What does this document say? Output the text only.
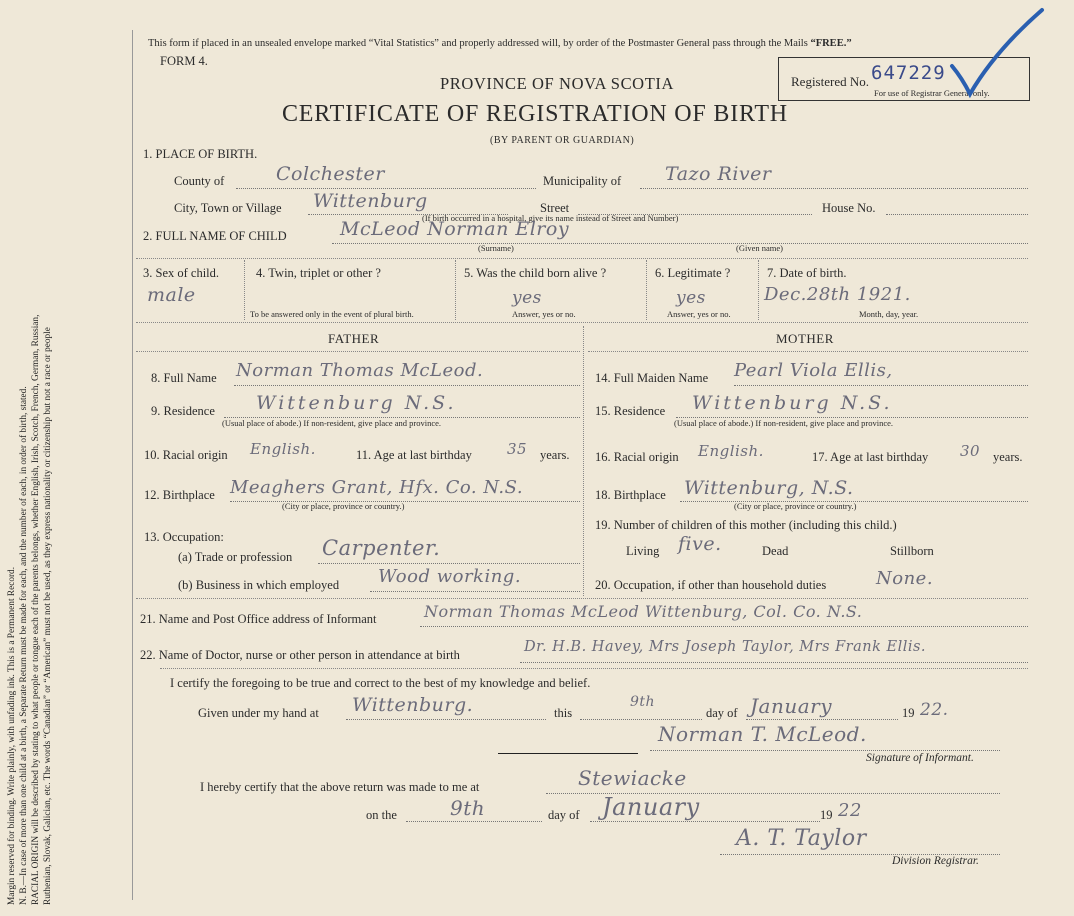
Margin reserved for binding. Write plainly, with unfading ink. This is a Permanent Record. N. B.—In case of more than one child at a birth, a Separate Return must be made for each, and the number of each, in order of birth, stated. RACIAL ORIGIN will be described by stating to what people or tongue each of the parents belongs, whether English, Irish, Scotch, French, German, Russian, Ruthenian, Slovak, Galician, etc. The words “Canadian” or “American” must not be used, as they express nationality or citizenship but not a race or people
This form if placed in an unsealed envelope marked “Vital Statistics” and properly addressed will, by order of the Postmaster General pass through the Mails “FREE.”
FORM 4.
Registered No. 647229
For use of Registrar General only.
PROVINCE OF NOVA SCOTIA
CERTIFICATE OF REGISTRATION OF BIRTH
(BY PARENT OR GUARDIAN)
1. PLACE OF BIRTH.
County of	Colchester	Municipality of Tazo River
City, Town or Village Wittenburg	Street	House No.
(If birth occurred in a hospital, give its name instead of Street and Number)
2. FULL NAME OF CHILD	McLeod Norman Elroy
(Surname)	(Given name)
3. Sex of child.
male
4. Twin, triplet or other ?
To be answered only in the event of plural birth.
5. Was the child born alive ?
yes
Answer, yes or no.
6. Legitimate ?
yes
Answer, yes or no.
7. Date of birth.
Dec.28th 1921.
Month, day, year.
FATHER
8. Full Name Norman Thomas McLeod.
9. Residence Wittenburg N.S.
(Usual place of abode.) If non-resident, give place and province.
10. Racial origin English.	11. Age at last birthday 35 years.
12. Birthplace Meaghers Grant, Hfx. Co. N.S.
(City or place, province or country.)
13. Occupation:
(a) Trade or profession Carpenter.
(b) Business in which employed Wood working.
MOTHER
14. Full Maiden Name Pearl Viola Ellis,
15. Residence Wittenburg N.S.
(Usual place of abode.) If non-resident, give place and province.
16. Racial origin English.	17. Age at last birthday 30 years.
18. Birthplace Wittenburg, N.S.
(City or place, province or country.)
19. Number of children of this mother (including this child.)
Living five.	Dead	Stillborn
20. Occupation, if other than household duties	None.
21. Name and Post Office address of Informant	Norman Thomas McLeod Wittenburg, Col. Co. N.S.
22. Name of Doctor, nurse or other person in attendance at birth	Dr. H.B. Havey, Mrs Joseph Taylor, Mrs Frank Ellis.
I certify the foregoing to be true and correct to the best of my knowledge and belief.
Given under my hand at Wittenburg.	this
9th
day of January	19 22.
Norman T. McLeod.
Signature of Informant.
I hereby certify that the above return was made to me at	Stewiacke
on the	9th	day of January	19 22
A. T. Taylor
Division Registrar.
